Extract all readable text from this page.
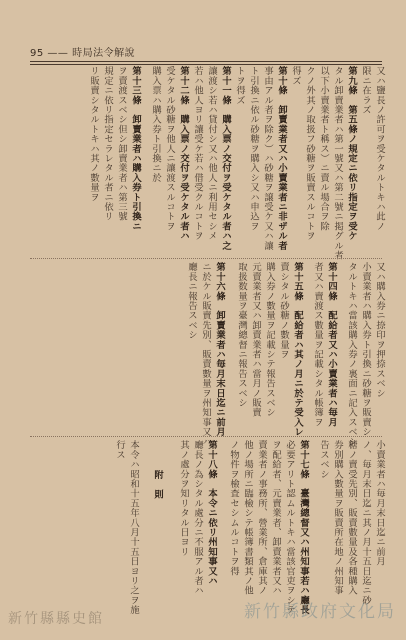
95 —— 時局法令解說
又ハ鹽長ノ許可ヲ受ケタルトキハ此ノ
限ニ在ラズ
第九條　第五條ノ規定ニ依リ指定ヲ受ケ
タル卸賣業者ハ第一號又ハ第二號ニ掲グル者
以下小賣業者ト稱ス）ニ賣ル場合ヲ除
クノ外其ノ取扱フ砂糖ヲ販賣スルコトヲ
得ズ
第十條　卸賣業者又ハ小賣業者ニ非ザル者
事由アル者ヲ除ク）ハ砂糖ヲ譲受ケ又ハ讓
ト引換ニ依ル砂糖ヲ購入シ又ハ申込ヲ
トヲ得ズ
第十一條　購入票ノ交付ヲ受ケタル者ハ之
讓渡シ若ハ貸付シ又ハ他人ニ利用セシメ
若ハ他人ヨリ讓受ケ若ハ借受クルコトヲ
第十二條　購入票ノ交付ヲ受ケタル者ハ
受ケタル砂糖ヲ他人ニ讓渡スルコトヲ
購入票ハ購入券ト引換ニ於
第十三條　卸賣業者ハ購入券ト引換ニ
ヲ賣渡スベシ但シ卸賣業者ハ第三號
規定ニ依リ指定セラレタル者ニ依リ
リ販賣シタルトキハ其ノ數量ヲ
又ハ購入券ニ捺印ヲ押捺スベシ
小賣業者ハ購入券ト引換ニ砂糖ヲ販賣シ
タルトキハ當該購入券ノ裏面ニ記入スベシ
第十四條　配給者又ハ小賣業者ハ毎月
者又ハ賣渡ス數量ヲ記載シタル帳簿ヲ
第十五條　配給者ハ其ノ月ニ於テ受入レ
賣シタル砂糖ノ數量ヲ
購入券ノ數量ヲ記載シテ報告スベシ
元賣業者又ハ卸賣業者ハ當月ノ販賣
取扱数量ヲ臺灣總督ニ報告スベシ
第十六條　卸賣業者ハ毎月末日迄ニ前月
ニ於ケル販賣先別、販賣數量ヲ州知事又ハ
廳長ニ報告スベシ
小賣業者ハ毎月末日迄ニ前月
ノ、毎月末日迄ニ其ノ月十五日迄ニ砂
糖ノ賣受先別、販賣數量及各種購入
券別購入數量ヲ販賣所在地ノ州知事
告スベシ
第十七條　臺灣總督又ハ州知事若ハ廳長
必要アリト認ムルトキハ當該官吏ヲシテ
ヲ配給者、元賣業者、卸賣業者又ハ
賣業者ノ事務所、營業所、倉庫其ノ
他ノ場所ニ臨檢シテ帳簿書類其ノ他
ノ物件ヲ檢査セシムルコトヲ得
第十八條　本令ニ依リ州知事又ハ
廳長ノ為シタル處分ニ不服アル者ハ
其ノ處分ヲ知リタル日ヨリ
附　則
本令ハ昭和十五年八月十五日ヨリ之ヲ施
行ス
新竹縣政府文化局
新竹縣縣史館
